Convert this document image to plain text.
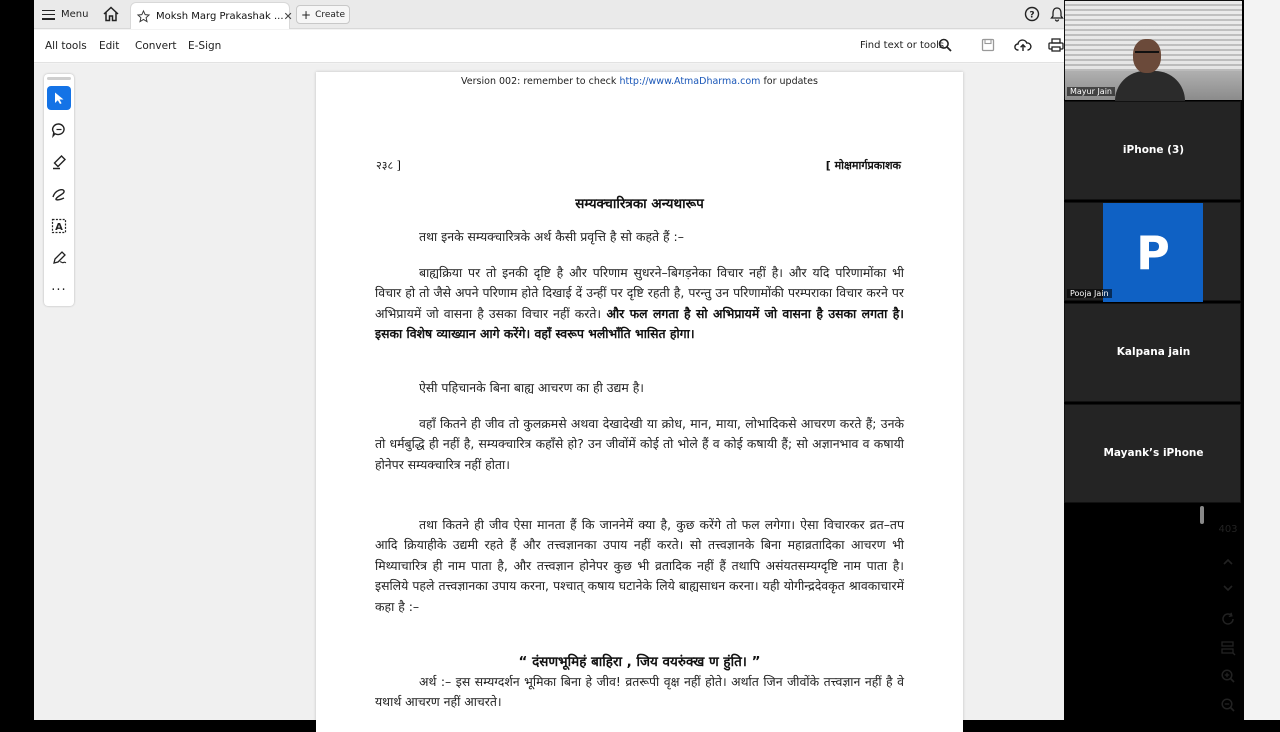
Menu	Moksh Marg Prakashak ... ✕ + Create	?
All tools Edit Convert E-Sign	Find text or tools
A
···
Version 002: remember to check http://www.AtmaDharma.com for updates
२३८ ]	[ मोक्षमार्गप्रकाशक
सम्यक्चारित्रका अन्यथारूप

तथा इनके सम्यक्चारित्रके अर्थ कैसी प्रवृत्ति है सो कहते हैं :–

बाह्यक्रिया पर तो इनकी दृष्टि है और परिणाम सुधरने–बिगड़नेका विचार नहीं है। और यदि परिणामोंका भी विचार हो तो जैसे अपने परिणाम होते दिखाई दें उन्हीं पर दृष्टि रहती है, परन्तु उन परिणामोंकी परम्पराका विचार करने पर अभिप्रायमें जो वासना है उसका विचार नहीं करते। और फल लगता है सो अभिप्रायमें जो वासना है उसका लगता है। इसका विशेष व्याख्यान आगे करेंगे। वहाँ स्वरूप भलीभाँति भासित होगा।

ऐसी पहिचानके बिना बाह्य आचरण का ही उद्यम है।

वहाँ कितने ही जीव तो कुलक्रमसे अथवा देखादेखी या क्रोध, मान, माया, लोभादिकसे आचरण करते हैं; उनके तो धर्मबुद्धि ही नहीं है, सम्यक्चारित्र कहाँसे हो? उन जीवोंमें कोई तो भोले हैं व कोई कषायी हैं; सो अज्ञानभाव व कषायी होनेपर सम्यक्चारित्र नहीं होता।

तथा कितने ही जीव ऐसा मानता हैं कि जाननेमें क्या है, कुछ करेंगे तो फल लगेगा। ऐसा विचारकर व्रत–तप आदि क्रियाहीके उद्यमी रहते हैं और तत्त्वज्ञानका उपाय नहीं करते। सो तत्त्वज्ञानके बिना महाव्रतादिका आचरण भी मिथ्याचारित्र ही नाम पाता है, और तत्त्वज्ञान होनेपर कुछ भी व्रतादिक नहीं हैं तथापि असंयतसम्यग्दृष्टि नाम पाता है। इसलिये पहले तत्त्वज्ञानका उपाय करना, पश्चात् कषाय घटानेके लिये बाह्यसाधन करना। यही योगीन्द्रदेवकृत श्रावकाचारमें कहा है :–

“ दंसणभूमिहं बाहिरा , जिय वयरुंक्ख ण हुंति। ”

अर्थ :– इस सम्यग्दर्शन भूमिका बिना हे जीव! व्रतरूपी वृक्ष नहीं होते। अर्थात जिन जीवोंके तत्त्वज्ञान नहीं है वे यथार्थ आचरण नहीं आचरते।

403
Mayur Jain
iPhone (3)
P
Pooja Jain
Kalpana jain
Mayank’s iPhone
